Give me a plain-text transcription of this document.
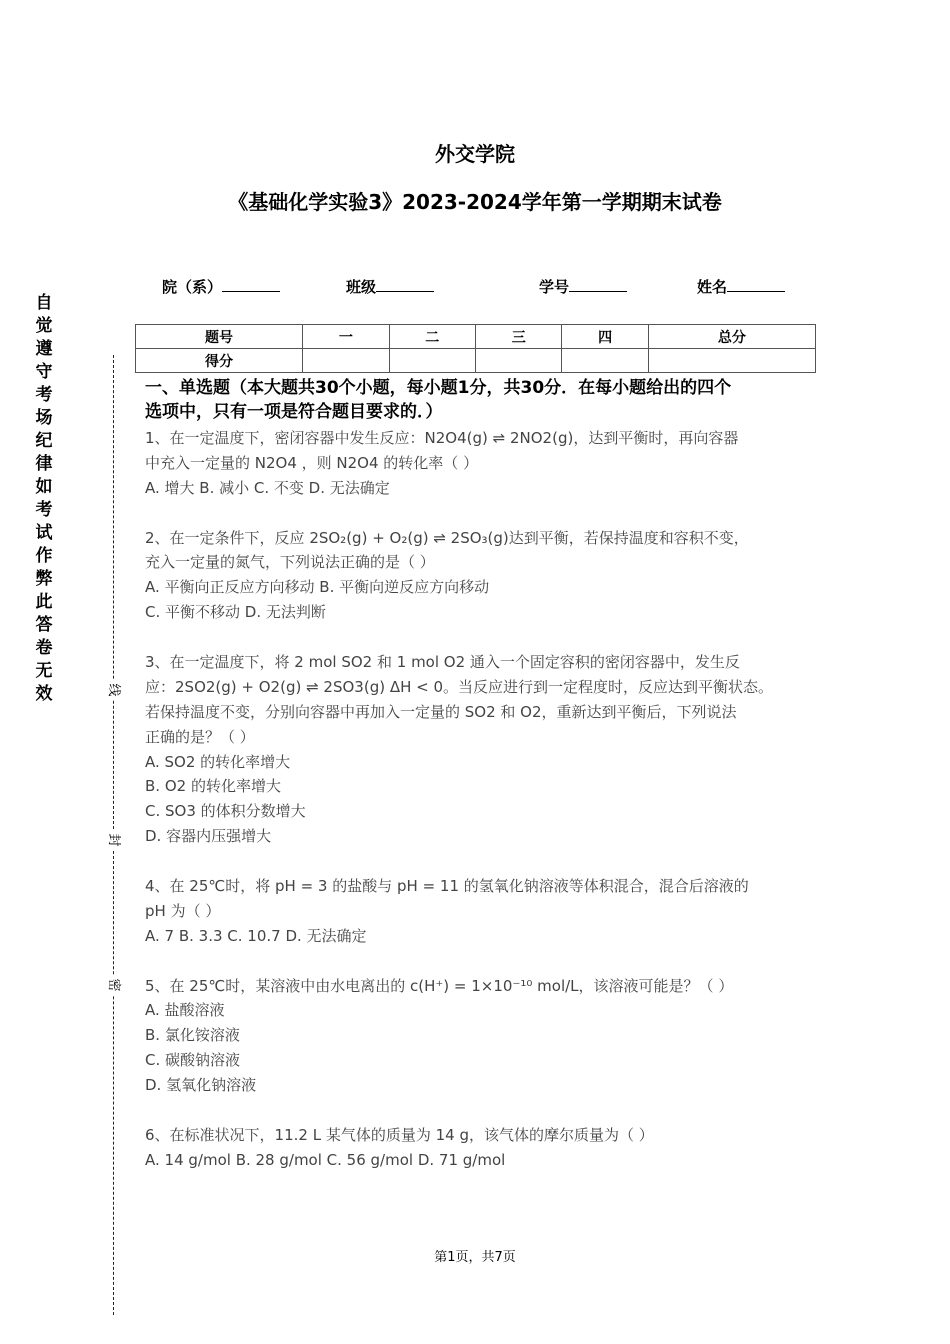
外交学院
《基础化学实验3》2023-2024学年第一学期期末试卷
院（系）	班级	学号	姓名
题号	一	二	三	四	总分
得分					
自觉遵守考场纪律如考试作弊此答卷无效	线
封
密
一、单选题（本大题共30个小题，每小题1分，共30分．在每小题给出的四个
选项中，只有一项是符合题目要求的．）
1、在一定温度下，密闭容器中发生反应：N2O4(g) ⇌ 2NO2(g)，达到平衡时，再向容器
中充入一定量的 N2O4 ，则 N2O4 的转化率（ ）
A. 增大 B. 减小 C. 不变 D. 无法确定
2、在一定条件下，反应 2SO₂(g) + O₂(g) ⇌ 2SO₃(g)达到平衡，若保持温度和容积不变，
充入一定量的氮气，下列说法正确的是（ ）
A. 平衡向正反应方向移动 B. 平衡向逆反应方向移动
C. 平衡不移动 D. 无法判断
3、在一定温度下，将 2 mol SO2 和 1 mol O2 通入一个固定容积的密闭容器中，发生反
应：2SO2(g) + O2(g) ⇌ 2SO3(g) ΔH < 0。当反应进行到一定程度时，反应达到平衡状态。
若保持温度不变，分别向容器中再加入一定量的 SO2 和 O2，重新达到平衡后，下列说法
正确的是？（ ）
A. SO2 的转化率增大
B. O2 的转化率增大
C. SO3 的体积分数增大
D. 容器内压强增大
4、在 25℃时，将 pH = 3 的盐酸与 pH = 11 的氢氧化钠溶液等体积混合，混合后溶液的
pH 为（ ）
A. 7 B. 3.3 C. 10.7 D. 无法确定
5、在 25℃时，某溶液中由水电离出的 c(H⁺) = 1×10⁻¹⁰ mol/L，该溶液可能是？（ ）
A. 盐酸溶液
B. 氯化铵溶液
C. 碳酸钠溶液
D. 氢氧化钠溶液
6、在标准状况下，11.2 L 某气体的质量为 14 g，该气体的摩尔质量为（ ）
A. 14 g/mol B. 28 g/mol C. 56 g/mol D. 71 g/mol
第1页，共7页
